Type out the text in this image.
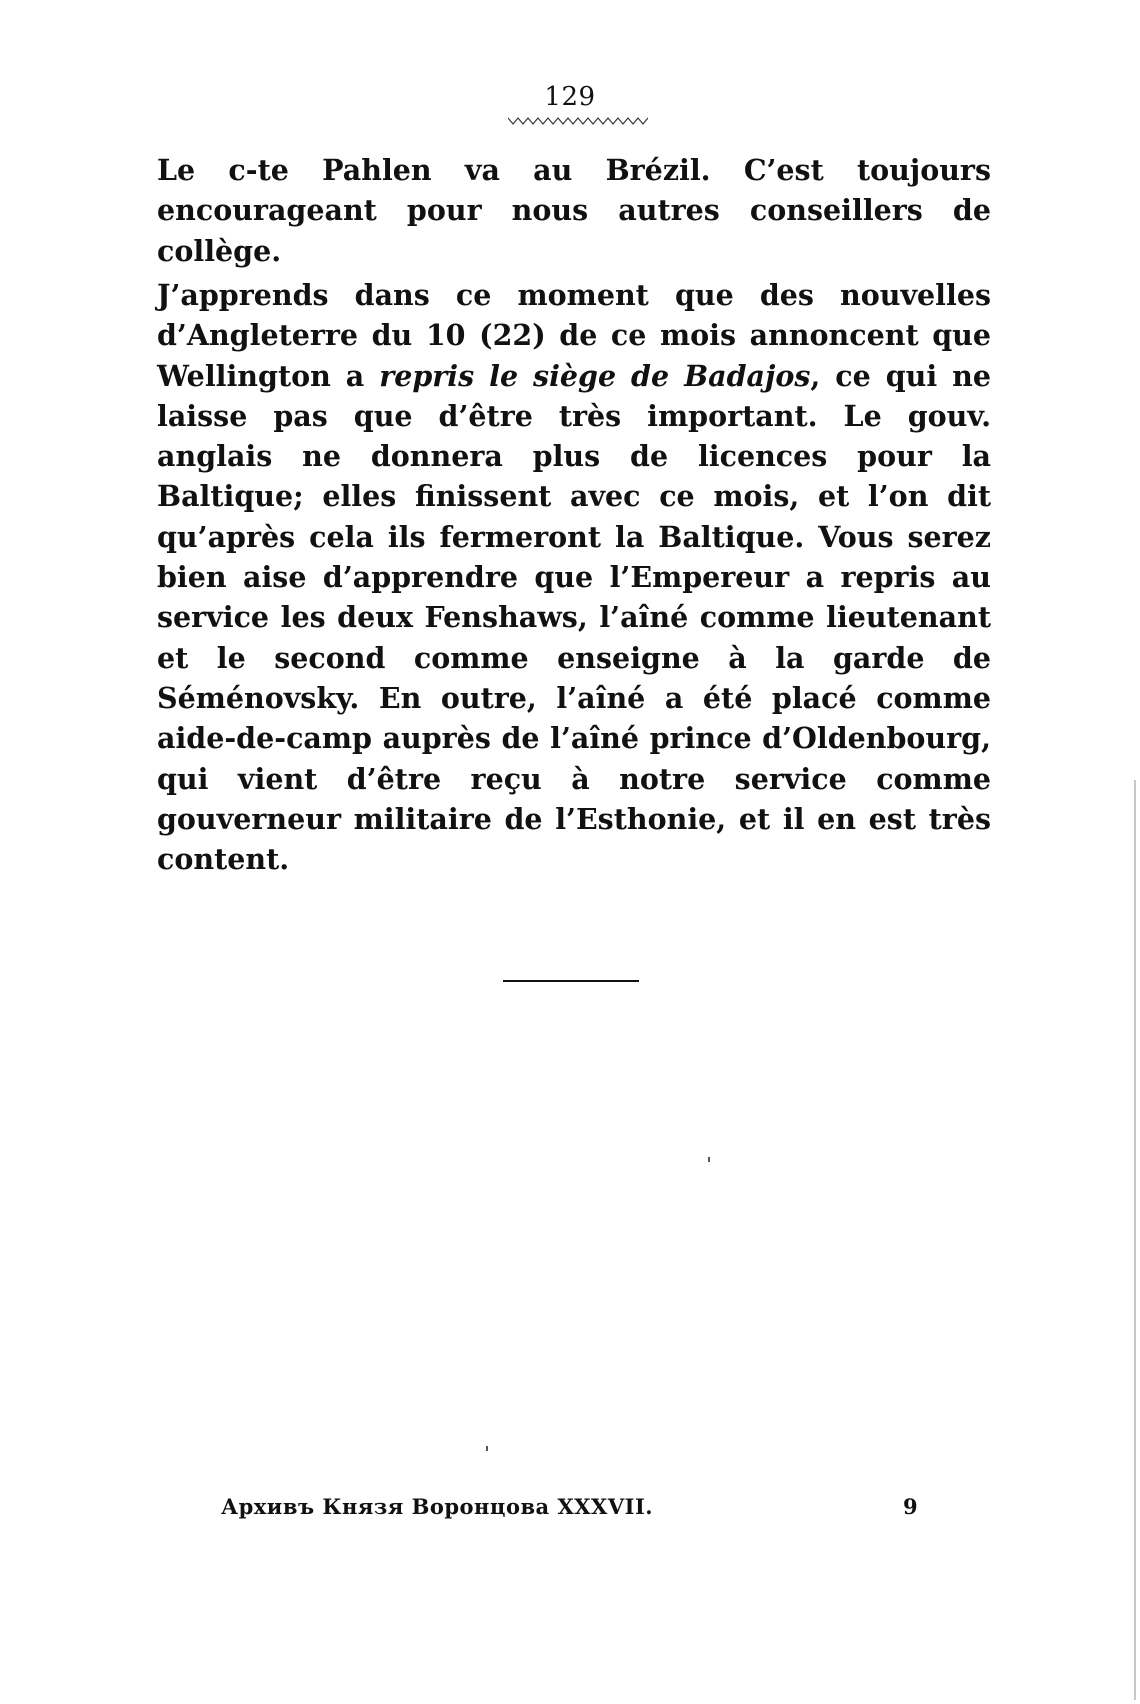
129
Le c-te Pahlen va au Brézil. C’est toujours encourageant pour nous autres conseillers de collège.
J’apprends dans ce moment que des nouvelles d’Angleterre du 10 (22) de ce mois annoncent que Wellington a repris le siège de Badajos, ce qui ne laisse pas que d’être très important. Le gouv. anglais ne donnera plus de licences pour la Baltique; elles finissent avec ce mois, et l’on dit qu’après cela ils fermeront la Baltique. Vous serez bien aise d’apprendre que l’Empereur a repris au service les deux Fenshaws, l’aîné comme lieutenant et le second comme enseigne à la garde de Séménovsky. En outre, l’aîné a été placé comme aide-de-camp auprès de l’aîné prince d’Oldenbourg, qui vient d’être reçu à notre service comme gouverneur militaire de l’Esthonie, et il en est très content.
Архивъ Князя Воронцова XXXVII.	9
